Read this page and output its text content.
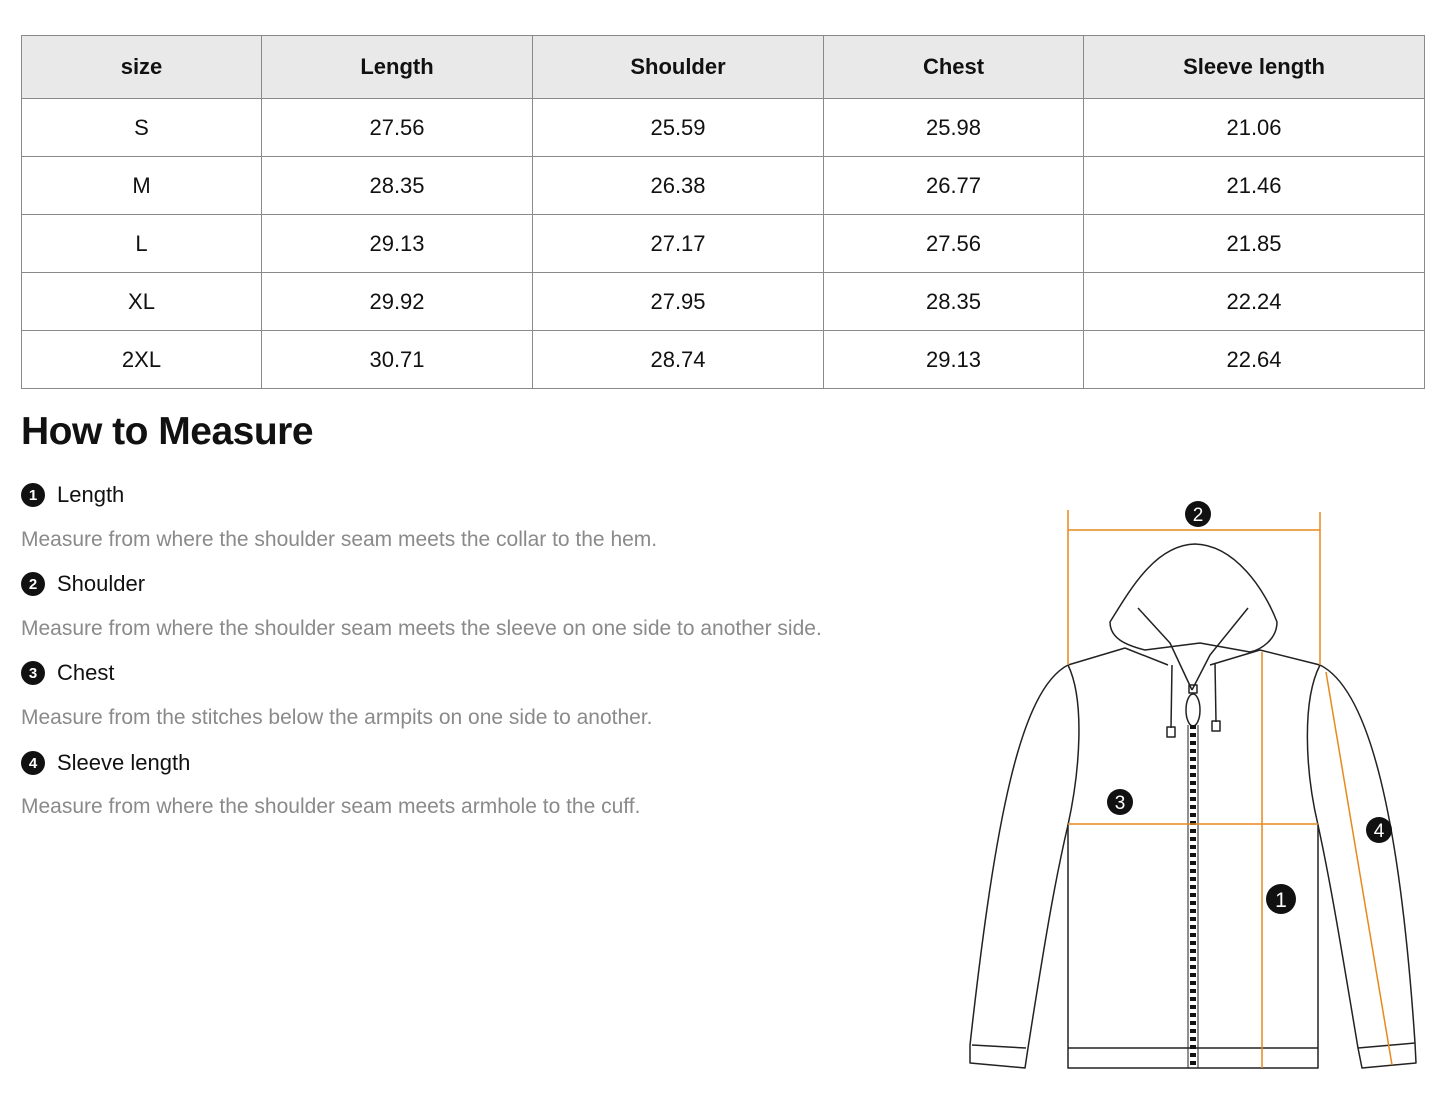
size	Length	Shoulder	Chest	Sleeve length
S	27.56	25.59	25.98	21.06
M	28.35	26.38	26.77	21.46
L	29.13	27.17	27.56	21.85
XL	29.92	27.95	28.35	22.24
2XL	30.71	28.74	29.13	22.64
How to Measure
1 Length

Measure from where the shoulder seam meets the collar to the hem.

2 Shoulder

Measure from where the shoulder seam meets the sleeve on one side to another side.

3 Chest

Measure from the stitches below the armpits on one side to another.

4 Sleeve length

Measure from where the shoulder seam meets armhole to the cuff.

2
3
1
4
